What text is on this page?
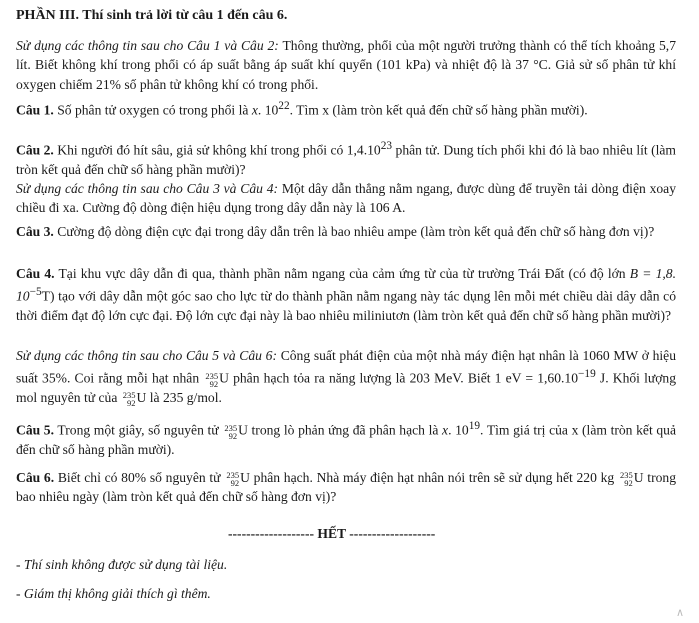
PHẦN III. Thí sinh trả lời từ câu 1 đến câu 6.

Sử dụng các thông tin sau cho Câu 1 và Câu 2: Thông thường, phổi của một người trưởng thành có thể tích khoảng 5,7 lít. Biết không khí trong phổi có áp suất bằng áp suất khí quyển (101 kPa) và nhiệt độ là 37 °C. Giả sử số phân tử khí oxygen chiếm 21% số phân tử không khí có trong phổi.

Câu 1. Số phân tử oxygen có trong phổi là x. $10^{22}$. Tìm x (làm tròn kết quả đến chữ số hàng phần mười).

Câu 2. Khi người đó hít sâu, giả sử không khí trong phổi có 1,4.10$^{23}$ phân tử. Dung tích phổi khi đó là bao nhiêu lít (làm tròn kết quả đến chữ số hàng phần mười)?

Sử dụng các thông tin sau cho Câu 3 và Câu 4: Một dây dẫn thẳng nằm ngang, được dùng để truyền tải dòng điện xoay chiều đi xa. Cường độ dòng điện hiệu dụng trong dây dẫn này là 106 A.

Câu 3. Cường độ dòng điện cực đại trong dây dẫn trên là bao nhiêu ampe (làm tròn kết quả đến chữ số hàng đơn vị)?

Câu 4. Tại khu vực dây dẫn đi qua, thành phần nằm ngang của cảm ứng từ của từ trường Trái Đất (có độ lớn B = 1,8. $10^{-5}T$) tạo với dây dẫn một góc sao cho lực từ do thành phần nằm ngang này tác dụng lên mỗi mét chiều dài dây dẫn có thời điểm đạt độ lớn cực đại. Độ lớn cực đại này là bao nhiêu miliniutơn (làm tròn kết quả đến chữ số hàng phần mười)?

Sử dụng các thông tin sau cho Câu 5 và Câu 6: Công suất phát điện của một nhà máy điện hạt nhân là 1060 MW ở hiệu suất 35%. Coi rằng mỗi hạt nhân 235
92 U phân hạch tỏa ra năng lượng là 203 MeV. Biết 1 eV = $1,60.10^{-19}$ J. Khối lượng mol nguyên tử của 235
92 U là 235 g/mol.

Câu 5. Trong một giây, số nguyên tử 235
92 U trong lò phản ứng đã phân hạch là x. $10^{19}$. Tìm giá trị của x (làm tròn kết quả đến chữ số hàng phần mười).

Câu 6. Biết chỉ có 80% số nguyên tử 235
92 U phân hạch. Nhà máy điện hạt nhân nói trên sẽ sử dụng hết 220 kg 235
92 U trong bao nhiêu ngày (làm tròn kết quả đến chữ số hàng đơn vị)?

------------------- HẾT -------------------

- Thí sinh không được sử dụng tài liệu.

- Giám thị không giải thích gì thêm.

∧
